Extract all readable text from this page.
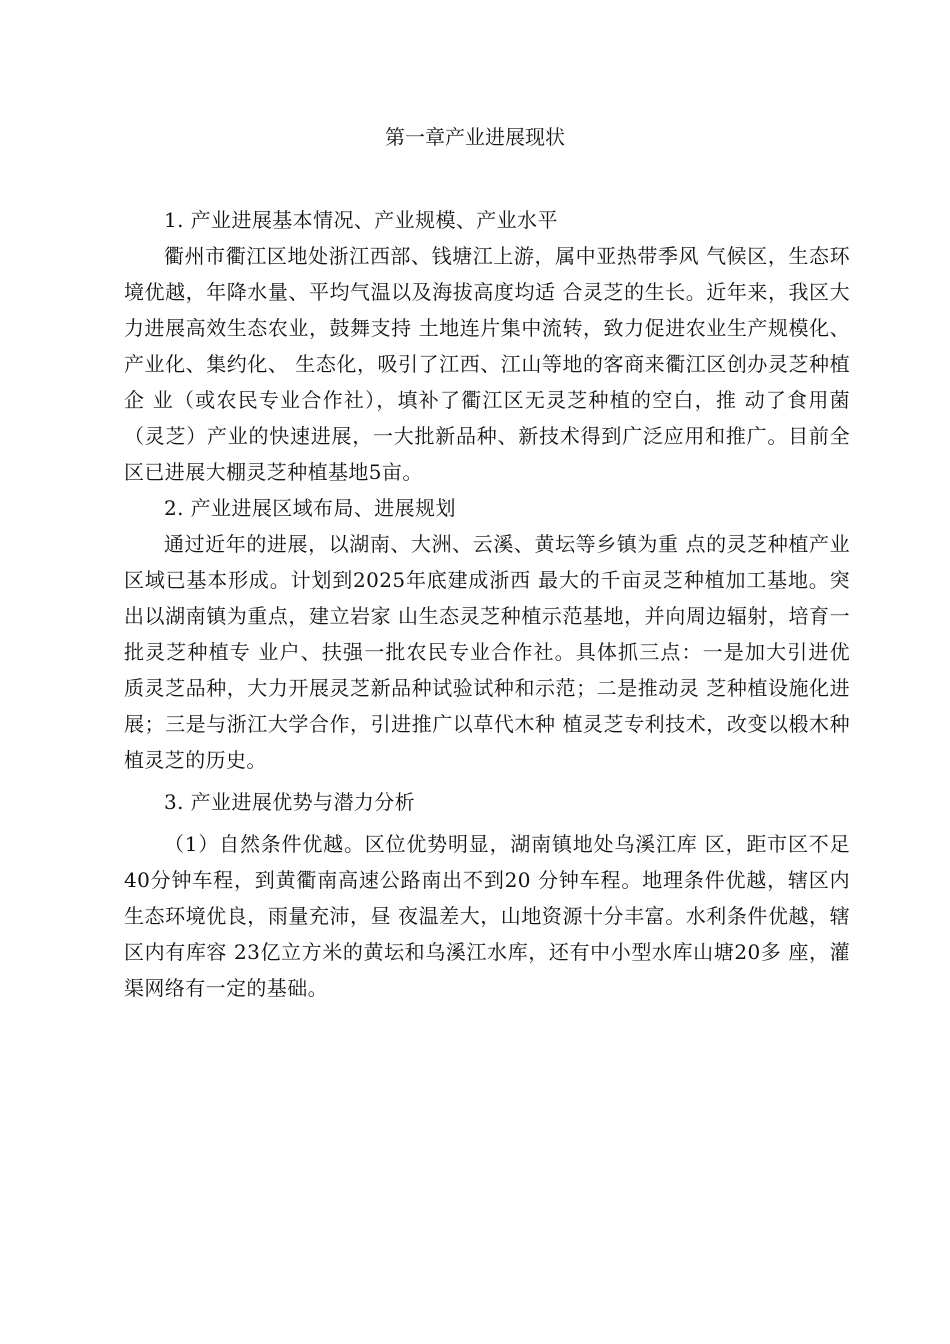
第一章产业进展现状

1. 产业进展基本情况、产业规模、产业水平

衢州市衢江区地处浙江西部、钱塘江上游，属中亚热带季风 气候区，生态环境优越，年降水量、平均气温以及海拔高度均适 合灵芝的生长。近年来，我区大力进展高效生态农业，鼓舞支持 土地连片集中流转，致力促进农业生产规模化、产业化、集约化、 生态化，吸引了江西、江山等地的客商来衢江区创办灵芝种植企 业（或农民专业合作社），填补了衢江区无灵芝种植的空白，推 动了食用菌（灵芝）产业的快速进展，一大批新品种、新技术得到广泛应用和推广。目前全区已进展大棚灵芝种植基地5亩。

2. 产业进展区域布局、进展规划

通过近年的进展，以湖南、大洲、云溪、黄坛等乡镇为重 点的灵芝种植产业区域已基本形成。计划到2025年底建成浙西 最大的千亩灵芝种植加工基地。突出以湖南镇为重点，建立岩家 山生态灵芝种植示范基地，并向周边辐射，培育一批灵芝种植专 业户、扶强一批农民专业合作社。具体抓三点：一是加大引进优 质灵芝品种，大力开展灵芝新品种试验试种和示范；二是推动灵 芝种植设施化进展；三是与浙江大学合作，引进推广以草代木种 植灵芝专利技术，改变以椴木种植灵芝的历史。

3. 产业进展优势与潜力分析

（1）自然条件优越。区位优势明显，湖南镇地处乌溪江库 区，距市区不足40分钟车程，到黄衢南高速公路南出不到20 分钟车程。地理条件优越，辖区内生态环境优良，雨量充沛，昼 夜温差大，山地资源十分丰富。水利条件优越，辖区内有库容 23亿立方米的黄坛和乌溪江水库，还有中小型水库山塘20多 座，灌渠网络有一定的基础。
